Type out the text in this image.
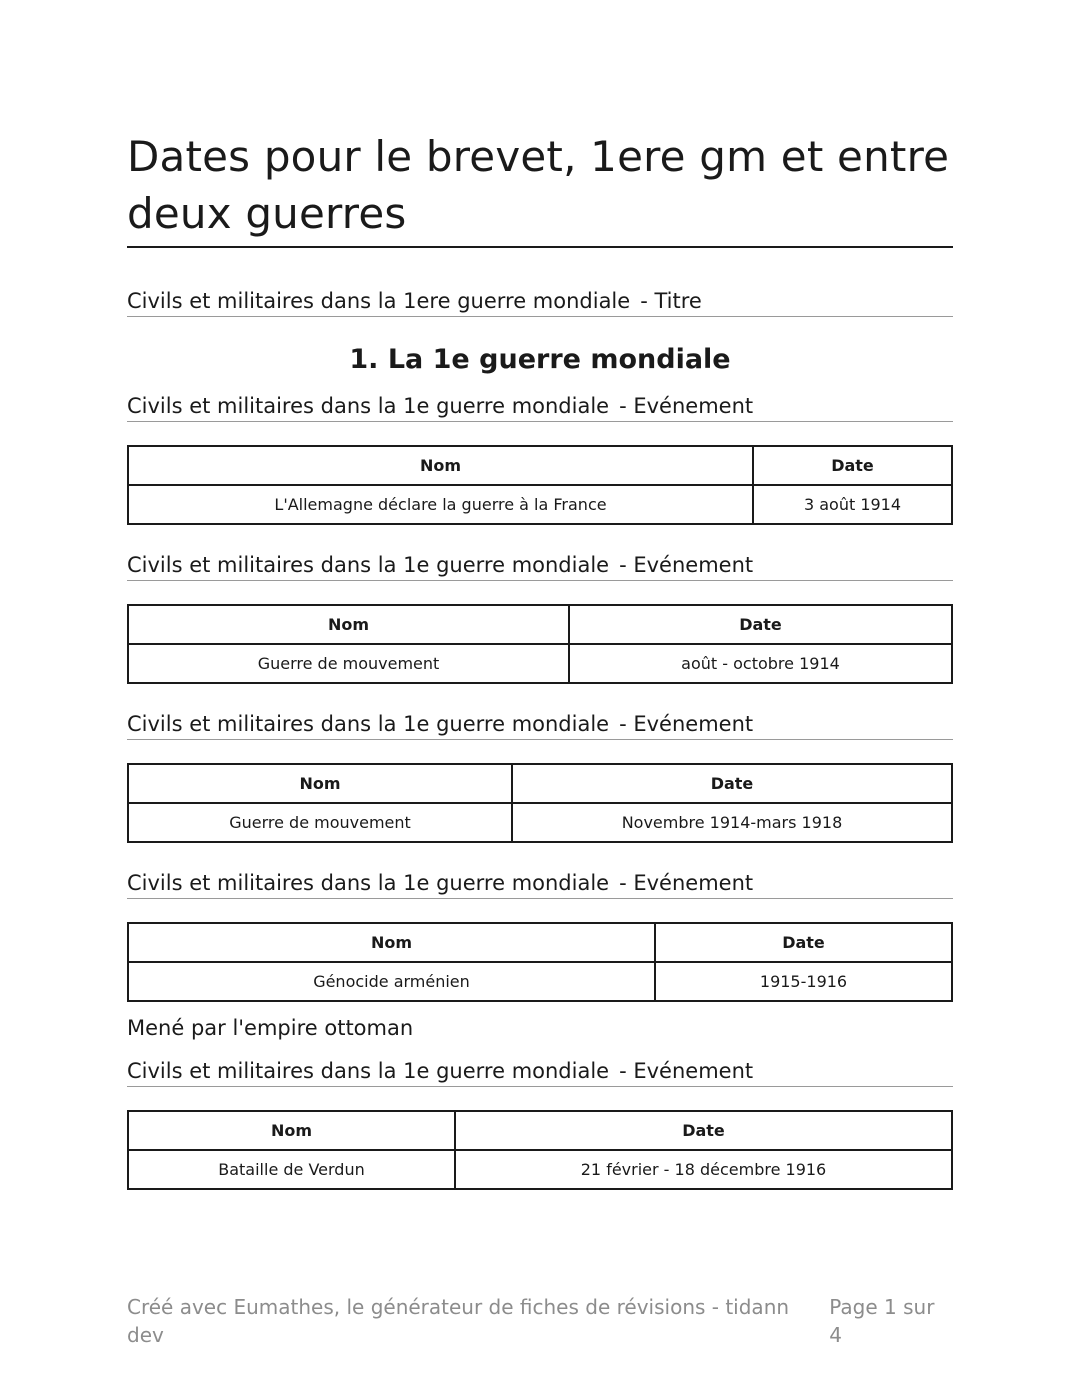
Dates pour le brevet, 1ere gm et entre deux guerres
Civils et militaires dans la 1ere guerre mondiale - Titre
1. La 1e guerre mondiale
Civils et militaires dans la 1e guerre mondiale - Evénement
Nom	Date
L'Allemagne déclare la guerre à la France	3 août 1914
Civils et militaires dans la 1e guerre mondiale - Evénement
Nom	Date
Guerre de mouvement	août - octobre 1914
Civils et militaires dans la 1e guerre mondiale - Evénement
Nom	Date
Guerre de mouvement	Novembre 1914-mars 1918
Civils et militaires dans la 1e guerre mondiale - Evénement
Nom	Date
Génocide arménien	1915-1916
Mené par l'empire ottoman
Civils et militaires dans la 1e guerre mondiale - Evénement
Nom	Date
Bataille de Verdun	21 février - 18 décembre 1916
Créé avec Eumathes, le générateur de fiches de révisions - tidann dev
Page 1 sur 4
